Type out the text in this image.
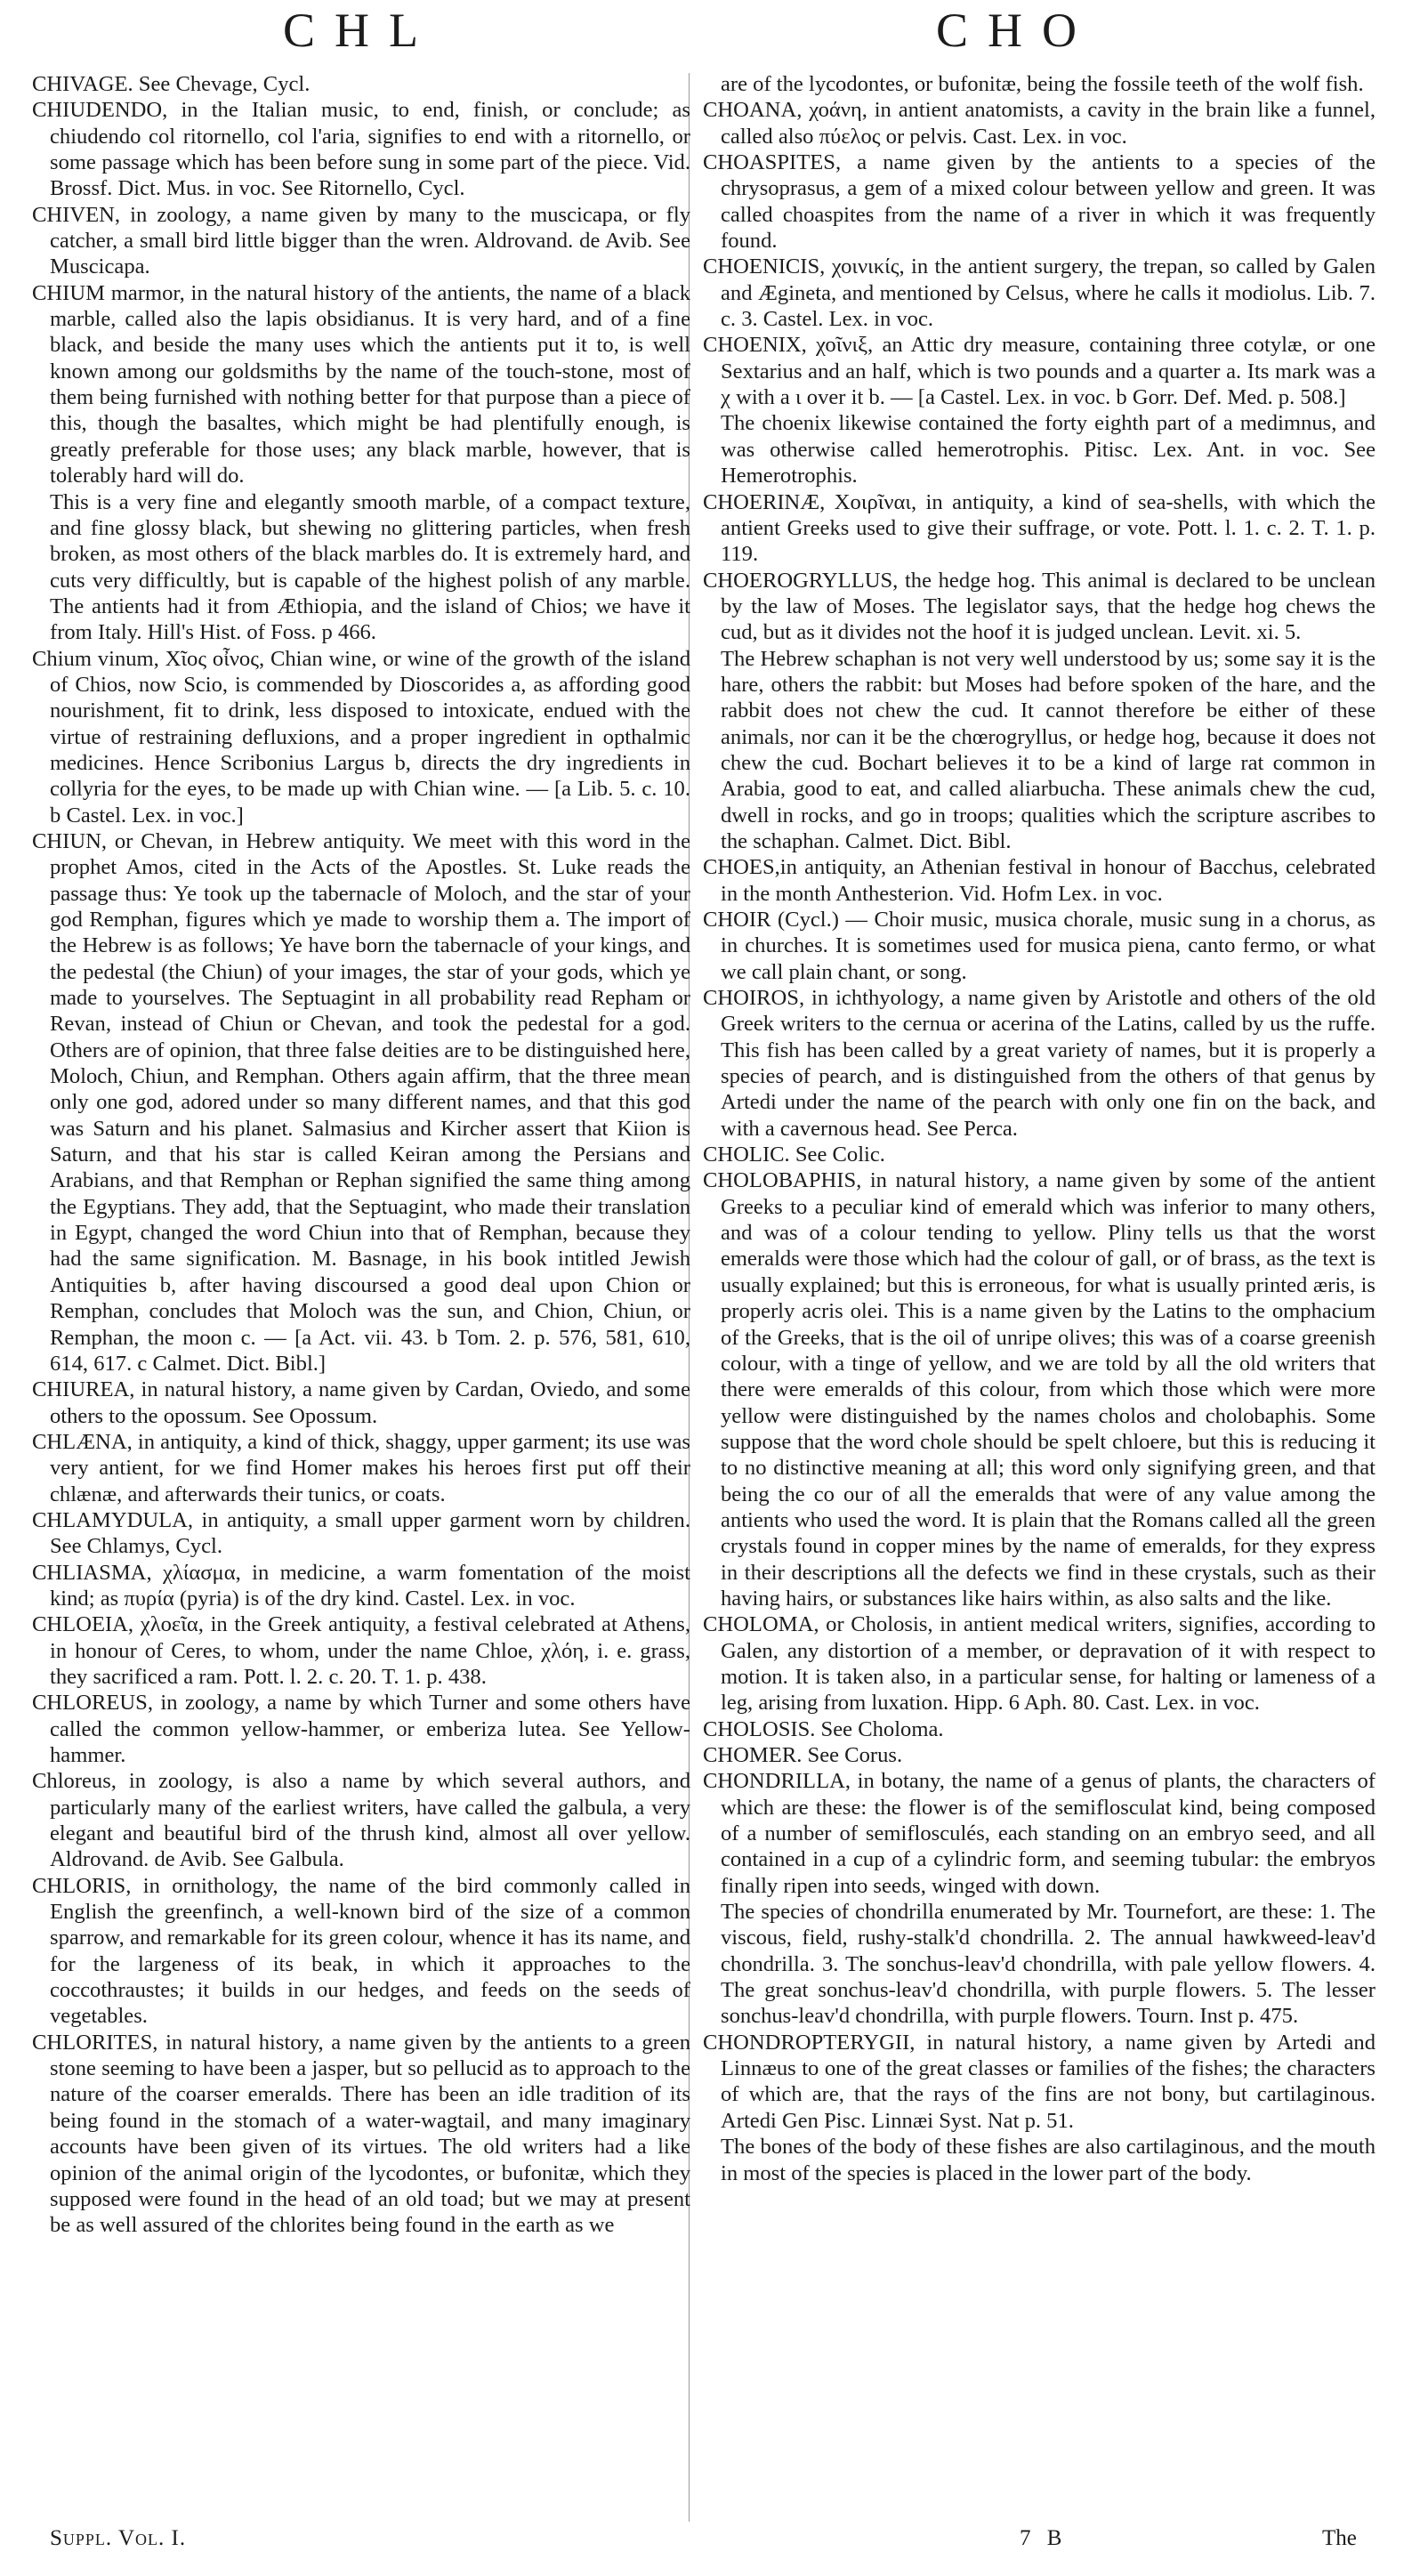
CHL	CHO

CHIVAGE. See Chevage, Cycl.

CHIUDENDO, in the Italian music, to end, finish, or conclude; as chiudendo col ritornello, col l'aria, signifies to end with a ritornello, or some passage which has been before sung in some part of the piece. Vid. Brossf. Dict. Mus. in voc. See Ritornello, Cycl.

CHIVEN, in zoology, a name given by many to the muscicapa, or fly catcher, a small bird little bigger than the wren. Aldrovand. de Avib. See Muscicapa.

CHIUM marmor, in the natural history of the antients, the name of a black marble, called also the lapis obsidianus. It is very hard, and of a fine black, and beside the many uses which the antients put it to, is well known among our goldsmiths by the name of the touch-stone, most of them being furnished with nothing better for that purpose than a piece of this, though the basaltes, which might be had plentifully enough, is greatly preferable for those uses; any black marble, however, that is tolerably hard will do.

This is a very fine and elegantly smooth marble, of a compact texture, and fine glossy black, but shewing no glittering particles, when fresh broken, as most others of the black marbles do. It is extremely hard, and cuts very difficultly, but is capable of the highest polish of any marble. The antients had it from Æthiopia, and the island of Chios; we have it from Italy. Hill's Hist. of Foss. p 466.

Chium vinum, Χῖος οἶνος, Chian wine, or wine of the growth of the island of Chios, now Scio, is commended by Dioscorides a, as affording good nourishment, fit to drink, less disposed to intoxicate, endued with the virtue of restraining defluxions, and a proper ingredient in opthalmic medicines. Hence Scribonius Largus b, directs the dry ingredients in collyria for the eyes, to be made up with Chian wine. — [a Lib. 5. c. 10. b Castel. Lex. in voc.]

CHIUN, or Chevan, in Hebrew antiquity. We meet with this word in the prophet Amos, cited in the Acts of the Apostles. St. Luke reads the passage thus: Ye took up the tabernacle of Moloch, and the star of your god Remphan, figures which ye made to worship them a. The import of the Hebrew is as follows; Ye have born the tabernacle of your kings, and the pedestal (the Chiun) of your images, the star of your gods, which ye made to yourselves. The Septuagint in all probability read Repham or Revan, instead of Chiun or Chevan, and took the pedestal for a god. Others are of opinion, that three false deities are to be distinguished here, Moloch, Chiun, and Remphan. Others again affirm, that the three mean only one god, adored under so many different names, and that this god was Saturn and his planet. Salmasius and Kircher assert that Kiion is Saturn, and that his star is called Keiran among the Persians and Arabians, and that Remphan or Rephan signified the same thing among the Egyptians. They add, that the Septuagint, who made their translation in Egypt, changed the word Chiun into that of Remphan, because they had the same signification. M. Basnage, in his book intitled Jewish Antiquities b, after having discoursed a good deal upon Chion or Remphan, concludes that Moloch was the sun, and Chion, Chiun, or Remphan, the moon c. — [a Act. vii. 43. b Tom. 2. p. 576, 581, 610, 614, 617. c Calmet. Dict. Bibl.]

CHIUREA, in natural history, a name given by Cardan, Oviedo, and some others to the opossum. See Opossum.

CHLÆNA, in antiquity, a kind of thick, shaggy, upper garment; its use was very antient, for we find Homer makes his heroes first put off their chlænæ, and afterwards their tunics, or coats.

CHLAMYDULA, in antiquity, a small upper garment worn by children. See Chlamys, Cycl.

CHLIASMA, χλίασμα, in medicine, a warm fomentation of the moist kind; as πυρία (pyria) is of the dry kind. Castel. Lex. in voc.

CHLOEIA, χλοεῖα, in the Greek antiquity, a festival celebrated at Athens, in honour of Ceres, to whom, under the name Chloe, χλόη, i. e. grass, they sacrificed a ram. Pott. l. 2. c. 20. T. 1. p. 438.

CHLOREUS, in zoology, a name by which Turner and some others have called the common yellow-hammer, or emberiza lutea. See Yellow-hammer.

Chloreus, in zoology, is also a name by which several authors, and particularly many of the earliest writers, have called the galbula, a very elegant and beautiful bird of the thrush kind, almost all over yellow. Aldrovand. de Avib. See Galbula.

CHLORIS, in ornithology, the name of the bird commonly called in English the greenfinch, a well-known bird of the size of a common sparrow, and remarkable for its green colour, whence it has its name, and for the largeness of its beak, in which it approaches to the coccothraustes; it builds in our hedges, and feeds on the seeds of vegetables.

CHLORITES, in natural history, a name given by the antients to a green stone seeming to have been a jasper, but so pellucid as to approach to the nature of the coarser emeralds. There has been an idle tradition of its being found in the stomach of a water-wagtail, and many imaginary accounts have been given of its virtues. The old writers had a like opinion of the animal origin of the lycodontes, or bufonitæ, which they supposed were found in the head of an old toad; but we may at present be as well assured of the chlorites being found in the earth as we

are of the lycodontes, or bufonitæ, being the fossile teeth of the wolf fish.

CHOANA, χοάνη, in antient anatomists, a cavity in the brain like a funnel, called also πύελος or pelvis. Cast. Lex. in voc.

CHOASPITES, a name given by the antients to a species of the chrysoprasus, a gem of a mixed colour between yellow and green. It was called choaspites from the name of a river in which it was frequently found.

CHOENICIS, χοινικίς, in the antient surgery, the trepan, so called by Galen and Ægineta, and mentioned by Celsus, where he calls it modiolus. Lib. 7. c. 3. Castel. Lex. in voc.

CHOENIX, χοῖνιξ, an Attic dry measure, containing three cotylæ, or one Sextarius and an half, which is two pounds and a quarter a. Its mark was a χ with a ι over it b. — [a Castel. Lex. in voc. b Gorr. Def. Med. p. 508.]

The choenix likewise contained the forty eighth part of a medimnus, and was otherwise called hemerotrophis. Pitisc. Lex. Ant. in voc. See Hemerotrophis.

CHOERINÆ, Χοιρῖναι, in antiquity, a kind of sea-shells, with which the antient Greeks used to give their suffrage, or vote. Pott. l. 1. c. 2. T. 1. p. 119.

CHOEROGRYLLUS, the hedge hog. This animal is declared to be unclean by the law of Moses. The legislator says, that the hedge hog chews the cud, but as it divides not the hoof it is judged unclean. Levit. xi. 5.

The Hebrew schaphan is not very well understood by us; some say it is the hare, others the rabbit: but Moses had before spoken of the hare, and the rabbit does not chew the cud. It cannot therefore be either of these animals, nor can it be the chœrogryllus, or hedge hog, because it does not chew the cud. Bochart believes it to be a kind of large rat common in Arabia, good to eat, and called aliarbucha. These animals chew the cud, dwell in rocks, and go in troops; qualities which the scripture ascribes to the schaphan. Calmet. Dict. Bibl.

CHOES,in antiquity, an Athenian festival in honour of Bacchus, celebrated in the month Anthesterion. Vid. Hofm Lex. in voc.

CHOIR (Cycl.) — Choir music, musica chorale, music sung in a chorus, as in churches. It is sometimes used for musica piena, canto fermo, or what we call plain chant, or song.

CHOIROS, in ichthyology, a name given by Aristotle and others of the old Greek writers to the cernua or acerina of the Latins, called by us the ruffe. This fish has been called by a great variety of names, but it is properly a species of pearch, and is distinguished from the others of that genus by Artedi under the name of the pearch with only one fin on the back, and with a cavernous head. See Perca.

CHOLIC. See Colic.

CHOLOBAPHIS, in natural history, a name given by some of the antient Greeks to a peculiar kind of emerald which was inferior to many others, and was of a colour tending to yellow. Pliny tells us that the worst emeralds were those which had the colour of gall, or of brass, as the text is usually explained; but this is erroneous, for what is usually printed æris, is properly acris olei. This is a name given by the Latins to the omphacium of the Greeks, that is the oil of unripe olives; this was of a coarse greenish colour, with a tinge of yellow, and we are told by all the old writers that there were emeralds of this colour, from which those which were more yellow were distinguished by the names cholos and cholobaphis. Some suppose that the word chole should be spelt chloere, but this is reducing it to no distinctive meaning at all; this word only signifying green, and that being the co our of all the emeralds that were of any value among the antients who used the word. It is plain that the Romans called all the green crystals found in copper mines by the name of emeralds, for they express in their descriptions all the defects we find in these crystals, such as their having hairs, or substances like hairs within, as also salts and the like.

CHOLOMA, or Cholosis, in antient medical writers, signifies, according to Galen, any distortion of a member, or depravation of it with respect to motion. It is taken also, in a particular sense, for halting or lameness of a leg, arising from luxation. Hipp. 6 Aph. 80. Cast. Lex. in voc.

CHOLOSIS. See Choloma.

CHOMER. See Corus.

CHONDRILLA, in botany, the name of a genus of plants, the characters of which are these: the flower is of the semiflosculat kind, being composed of a number of semiflosculés, each standing on an embryo seed, and all contained in a cup of a cylindric form, and seeming tubular: the embryos finally ripen into seeds, winged with down.

The species of chondrilla enumerated by Mr. Tournefort, are these: 1. The viscous, field, rushy-stalk'd chondrilla. 2. The annual hawkweed-leav'd chondrilla. 3. The sonchus-leav'd chondrilla, with pale yellow flowers. 4. The great sonchus-leav'd chondrilla, with purple flowers. 5. The lesser sonchus-leav'd chondrilla, with purple flowers. Tourn. Inst p. 475.

CHONDROPTERYGII, in natural history, a name given by Artedi and Linnæus to one of the great classes or families of the fishes; the characters of which are, that the rays of the fins are not bony, but cartilaginous. Artedi Gen Pisc. Linnæi Syst. Nat p. 51.

The bones of the body of these fishes are also cartilaginous, and the mouth in most of the species is placed in the lower part of the body.

Suppl. Vol. I.	7 B	The
